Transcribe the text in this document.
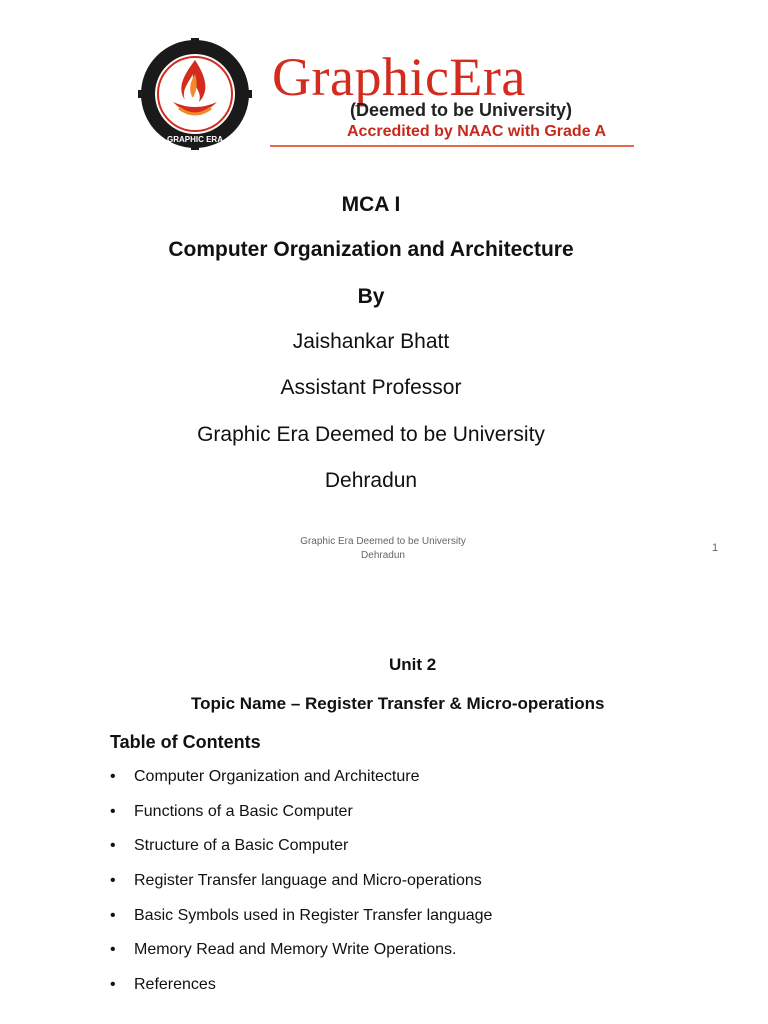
GRAPHIC ERA
GraphicEra
(Deemed to be University)
Accredited by NAAC with Grade A
MCA I
Computer Organization and Architecture
By
Jaishankar Bhatt
Assistant Professor
Graphic Era Deemed to be University
Dehradun
Graphic Era Deemed to be University
Dehradun
1
Unit 2
Topic Name – Register Transfer & Micro-operations
Table of Contents
• Computer Organization and Architecture
• Functions of a Basic Computer
• Structure of a Basic Computer
• Register Transfer language and Micro-operations
• Basic Symbols used in Register Transfer language
• Memory Read and Memory Write Operations.
• References
